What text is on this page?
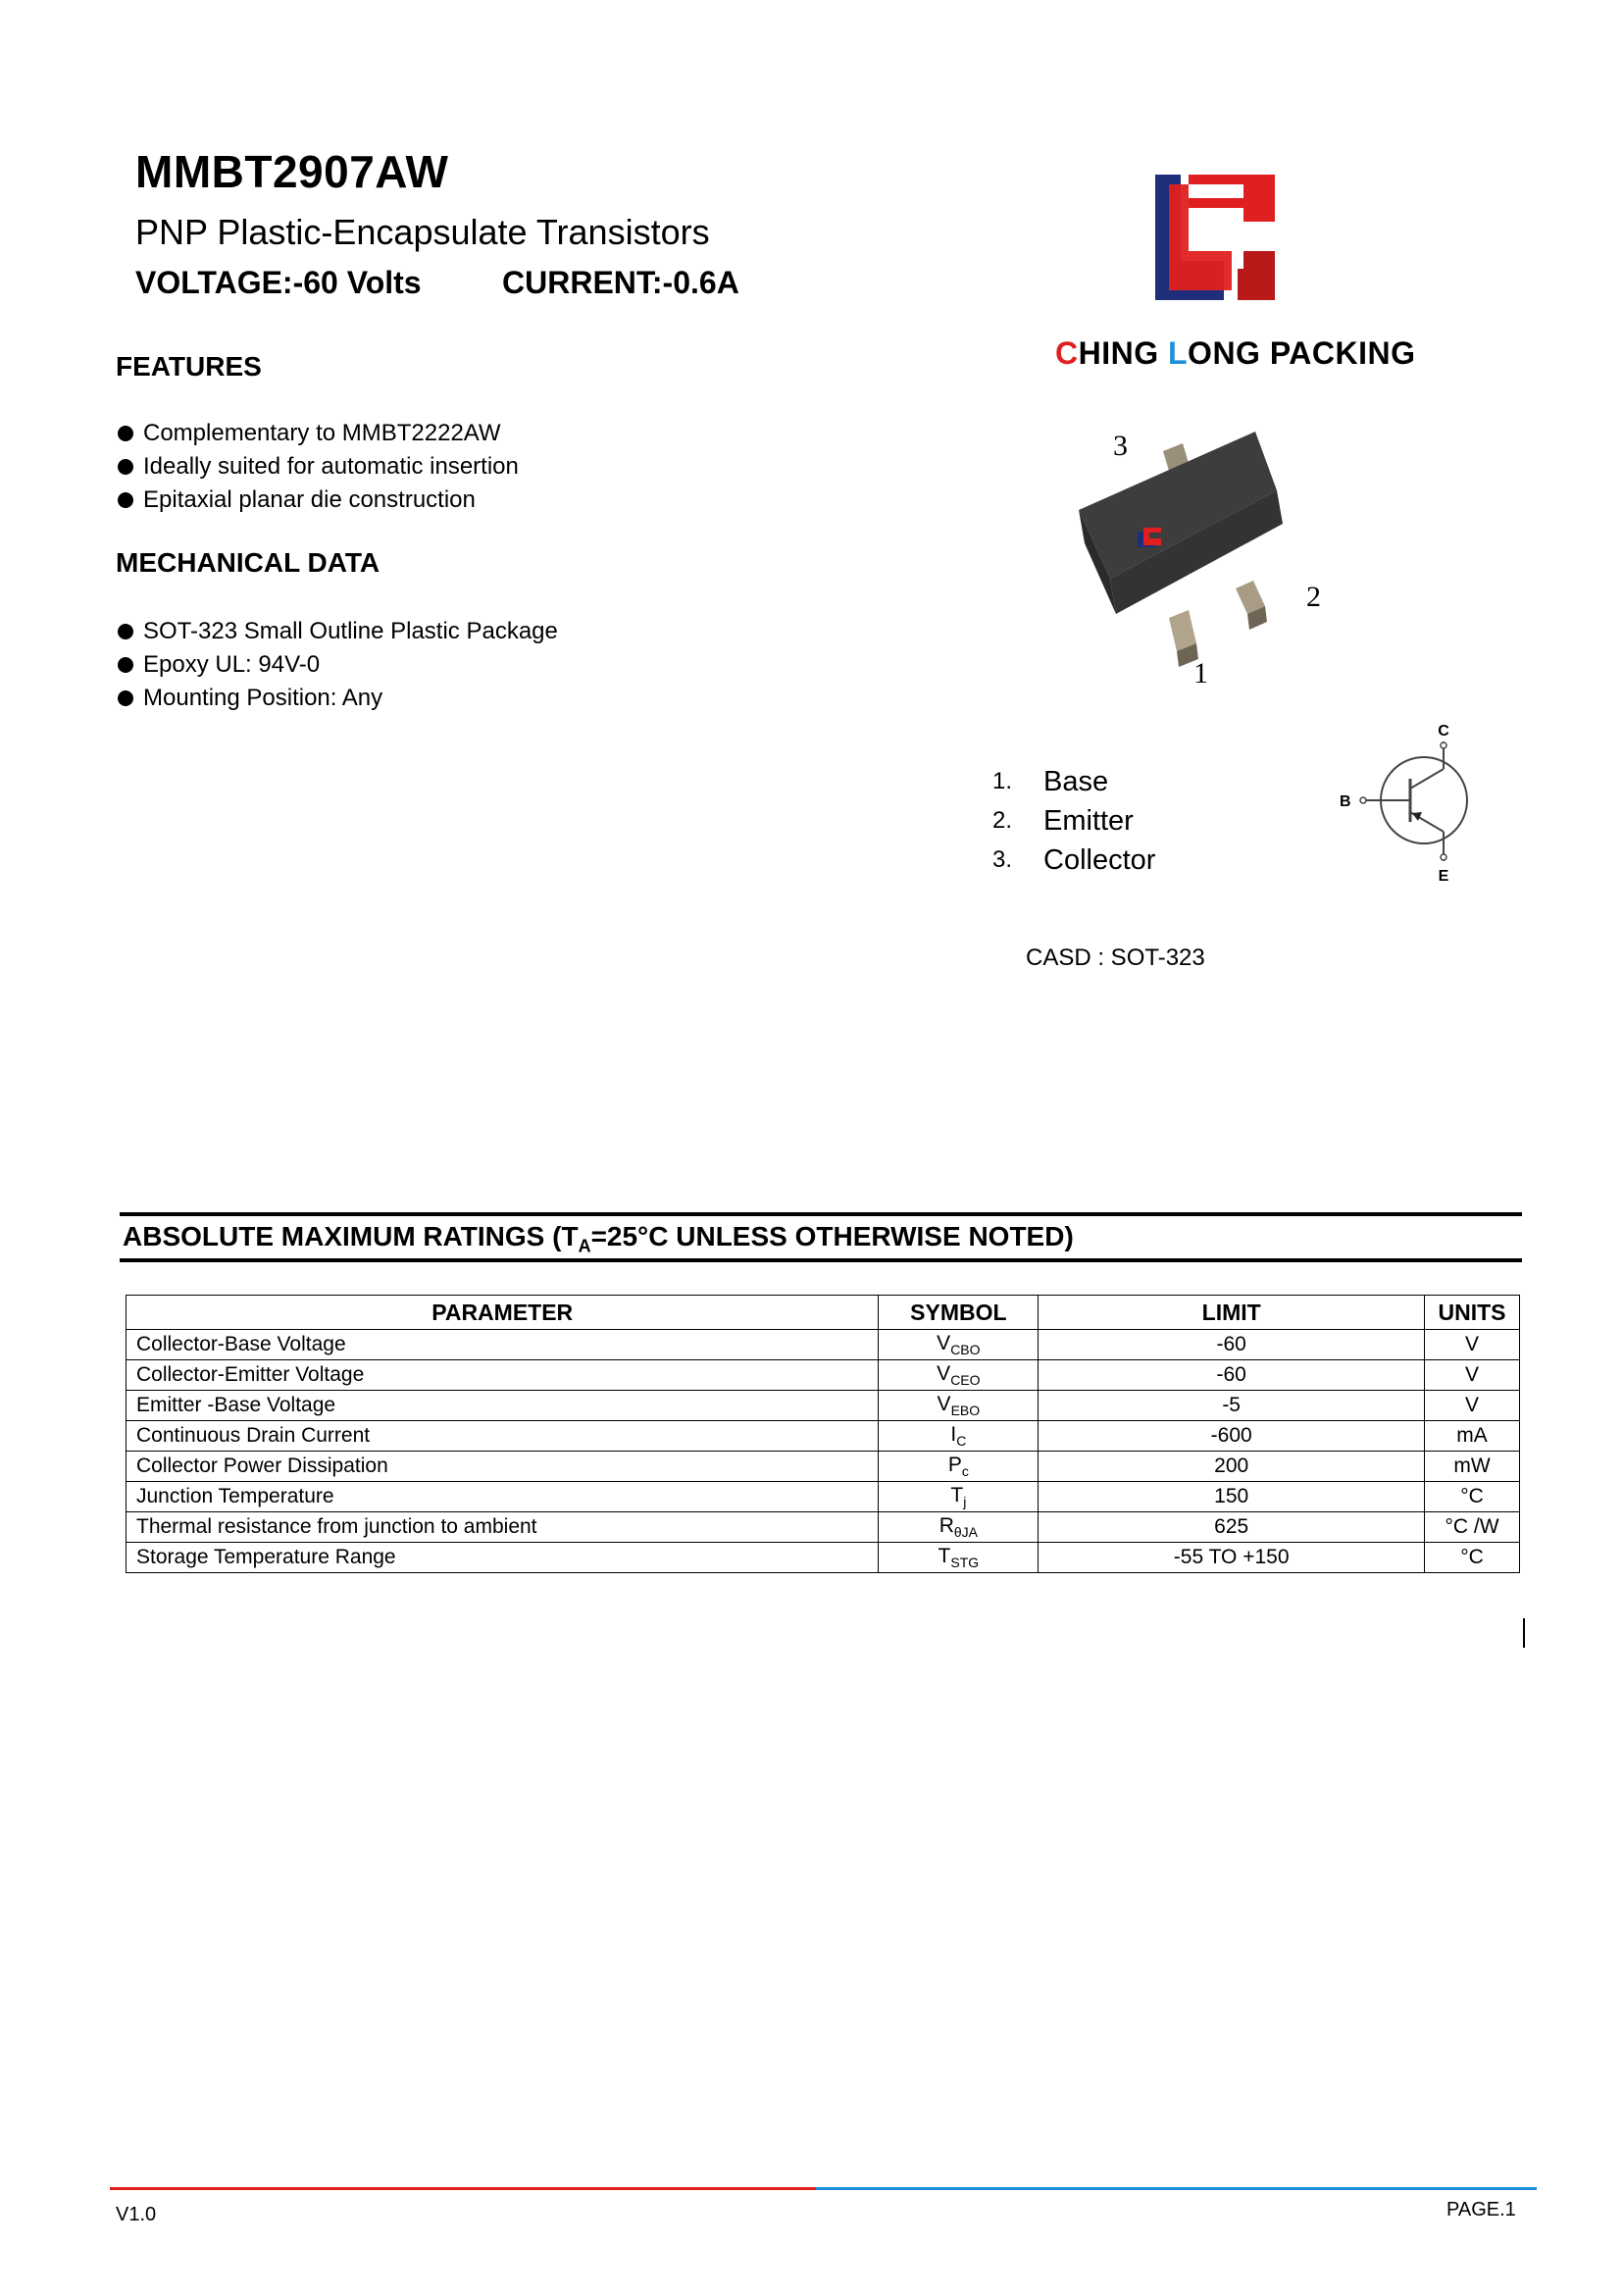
MMBT2907AW
PNP Plastic-Encapsulate Transistors
VOLTAGE:-60 Volts	CURRENT:-0.6A
CHING LONG PACKING
FEATURES
Complementary to MMBT2222AW
Ideally suited for automatic insertion
Epitaxial planar die construction
MECHANICAL DATA
SOT-323 Small Outline Plastic Package
Epoxy UL: 94V-0
Mounting Position: Any
3
2
1
1.	Base
2.	Emitter
3.	Collector
C
B
E
CASD : SOT-323
ABSOLUTE MAXIMUM RATINGS ($T_A=25^\circ C$ UNLESS OTHERWISE NOTED)
PARAMETER	SYMBOL	LIMIT	UNITS
Collector-Base Voltage	$V_{CBO}$	-60	V
Collector-Emitter Voltage	$V_{CEO}$	-60	V
Emitter -Base Voltage	$V_{EBO}$	-5	V
Continuous Drain Current	$I_C$	-600	mA
Collector Power Dissipation	$P_c$	200	mW
Junction Temperature	$T_j$	150	°C
Thermal resistance from junction to ambient	$R_{\theta JA}$	625	°C /W
Storage Temperature Range	$T_{STG}$	-55 TO +150	°C
V1.0	PAGE.1
